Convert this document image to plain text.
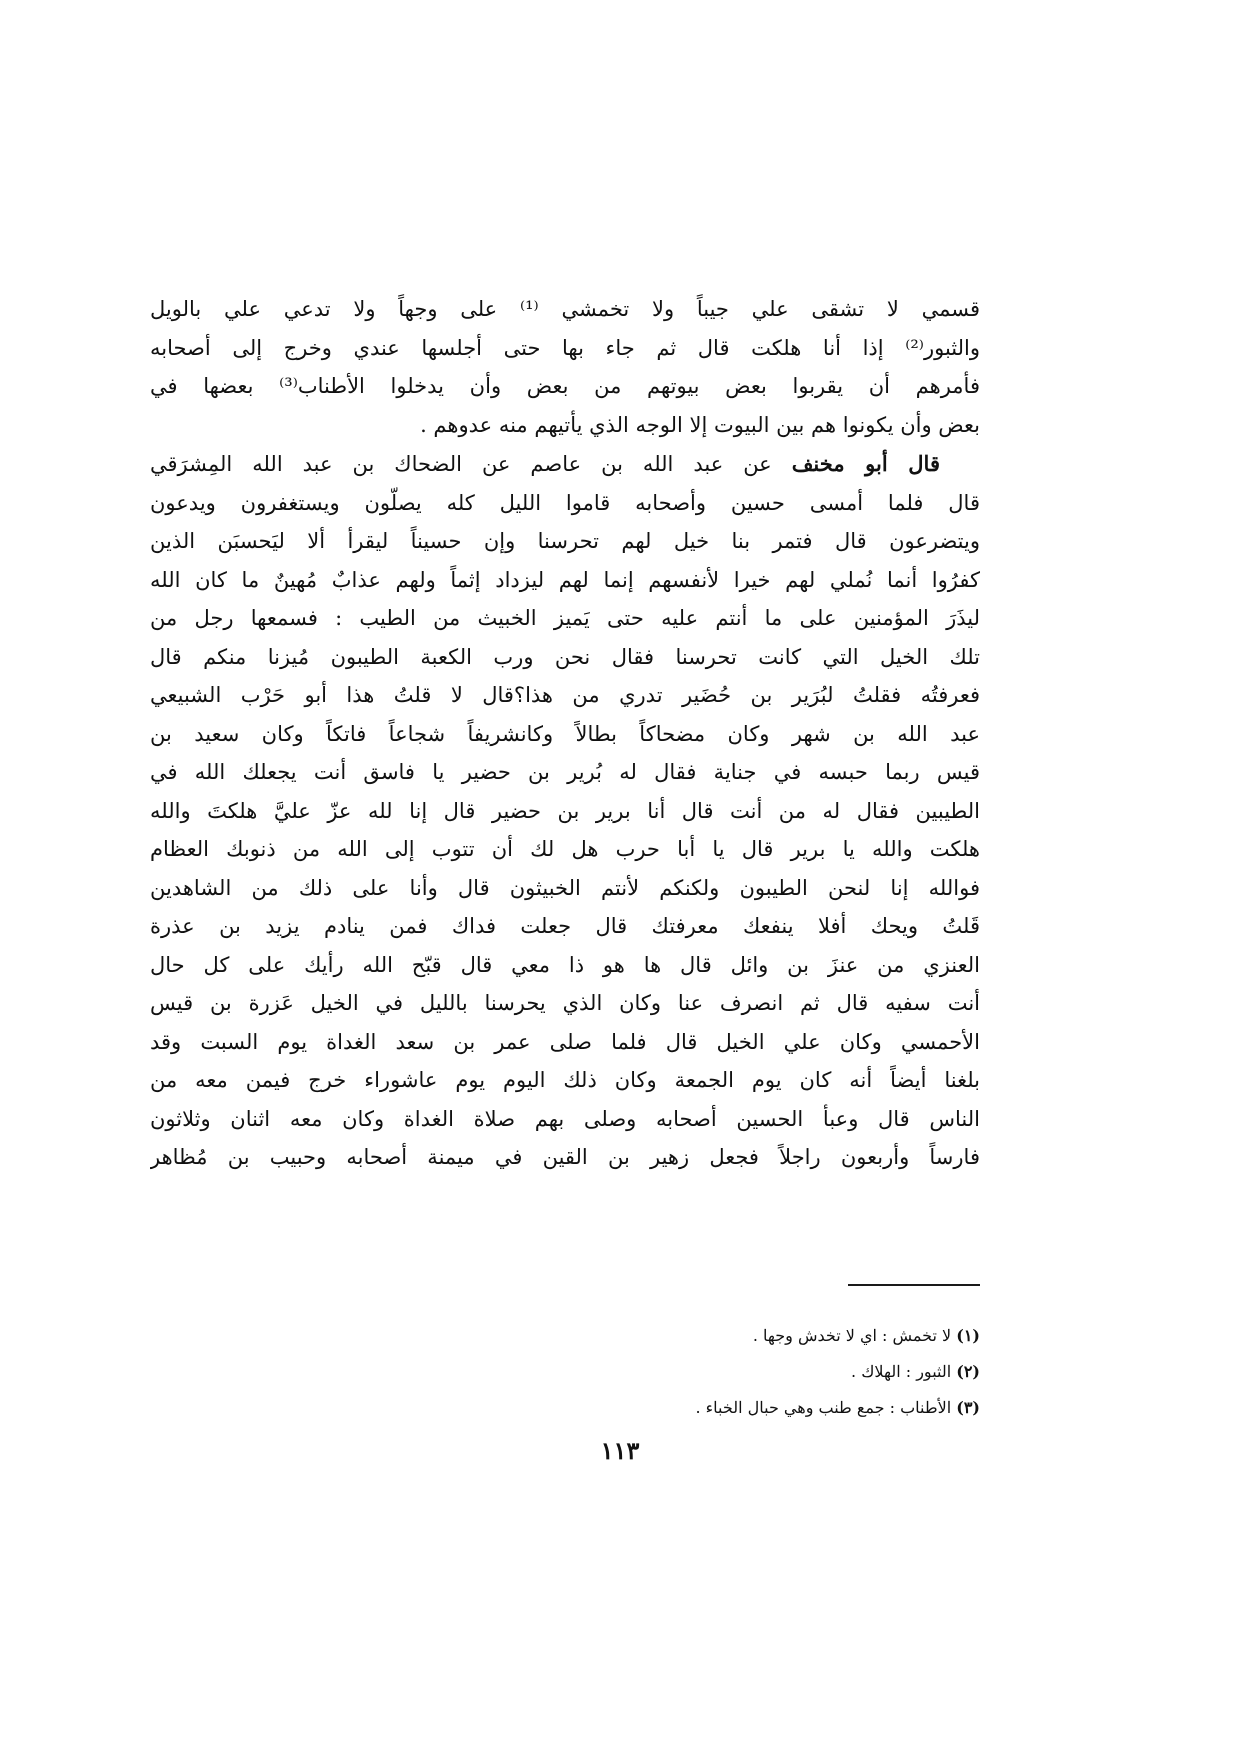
قسمي لا تشقى علي جيباً ولا تخمشي ⁽¹⁾ على وجهاً ولا تدعي علي بالويل
والثبور⁽²⁾ إذا أنا هلكت قال ثم جاء بها حتى أجلسها عندي وخرج إلى أصحابه
فأمرهم أن يقربوا بعض بيوتهم من بعض وأن يدخلوا الأطناب⁽³⁾ بعضها في
بعض وأن يكونوا هم بين البيوت إلا الوجه الذي يأتيهم منه عدوهم .
قال أبو مخنف عن عبد الله بن عاصم عن الضحاك بن عبد الله المِشرَقي
قال فلما أمسى حسين وأصحابه قاموا الليل كله يصلّون ويستغفرون ويدعون
ويتضرعون قال فتمر بنا خيل لهم تحرسنا وإن حسيناً ليقرأ ألا ليَحسبَن الذين
كفرُوا أنما نُملي لهم خيرا لأنفسهم إنما لهم ليزداد إثماً ولهم عذابٌ مُهينٌ ما كان الله
ليذَرَ المؤمنين على ما أنتم عليه حتى يَميز الخبيث من الطيب : فسمعها رجل من
تلك الخيل التي كانت تحرسنا فقال نحن ورب الكعبة الطيبون مُيزنا منكم قال
فعرفتُه فقلتُ لبُرَير بن حُضَير تدري من هذا؟قال لا قلتُ هذا أبو حَرْب الشبيعي
عبد الله بن شهر وكان مضحاكاً بطالاً وكانشريفاً شجاعاً فاتكاً وكان سعيد بن
قيس ربما حبسه في جناية فقال له بُرير بن حضير يا فاسق أنت يجعلك الله في
الطيبين فقال له من أنت قال أنا برير بن حضير قال إنا لله عزّ عليَّ هلكتَ والله
هلكت والله يا برير قال يا أبا حرب هل لك أن تتوب إلى الله من ذنوبك العظام
فوالله إنا لنحن الطيبون ولكنكم لأنتم الخبيثون قال وأنا على ذلك من الشاهدين
قَلتُ ويحك أفلا ينفعك معرفتك قال جعلت فداك فمن ينادم يزيد بن عذرة
العنزي من عنزَ بن وائل قال ها هو ذا معي قال قبّح الله رأيك على كل حال
أنت سفيه قال ثم انصرف عنا وكان الذي يحرسنا بالليل في الخيل عَزرة بن قيس
الأحمسي وكان علي الخيل قال فلما صلى عمر بن سعد الغداة يوم السبت وقد
بلغنا أيضاً أنه كان يوم الجمعة وكان ذلك اليوم يوم عاشوراء خرج فيمن معه من
الناس قال وعبأ الحسين أصحابه وصلى بهم صلاة الغداة وكان معه اثنان وثلاثون
فارساً وأربعون راجلاً فجعل زهير بن القين في ميمنة أصحابه وحبيب بن مُظاهر
(١) لا تخمش : اي لا تخدش وجها .
(٢) الثبور : الهلاك .
(٣) الأطناب : جمع طنب وهي حبال الخباء .
١١٣
